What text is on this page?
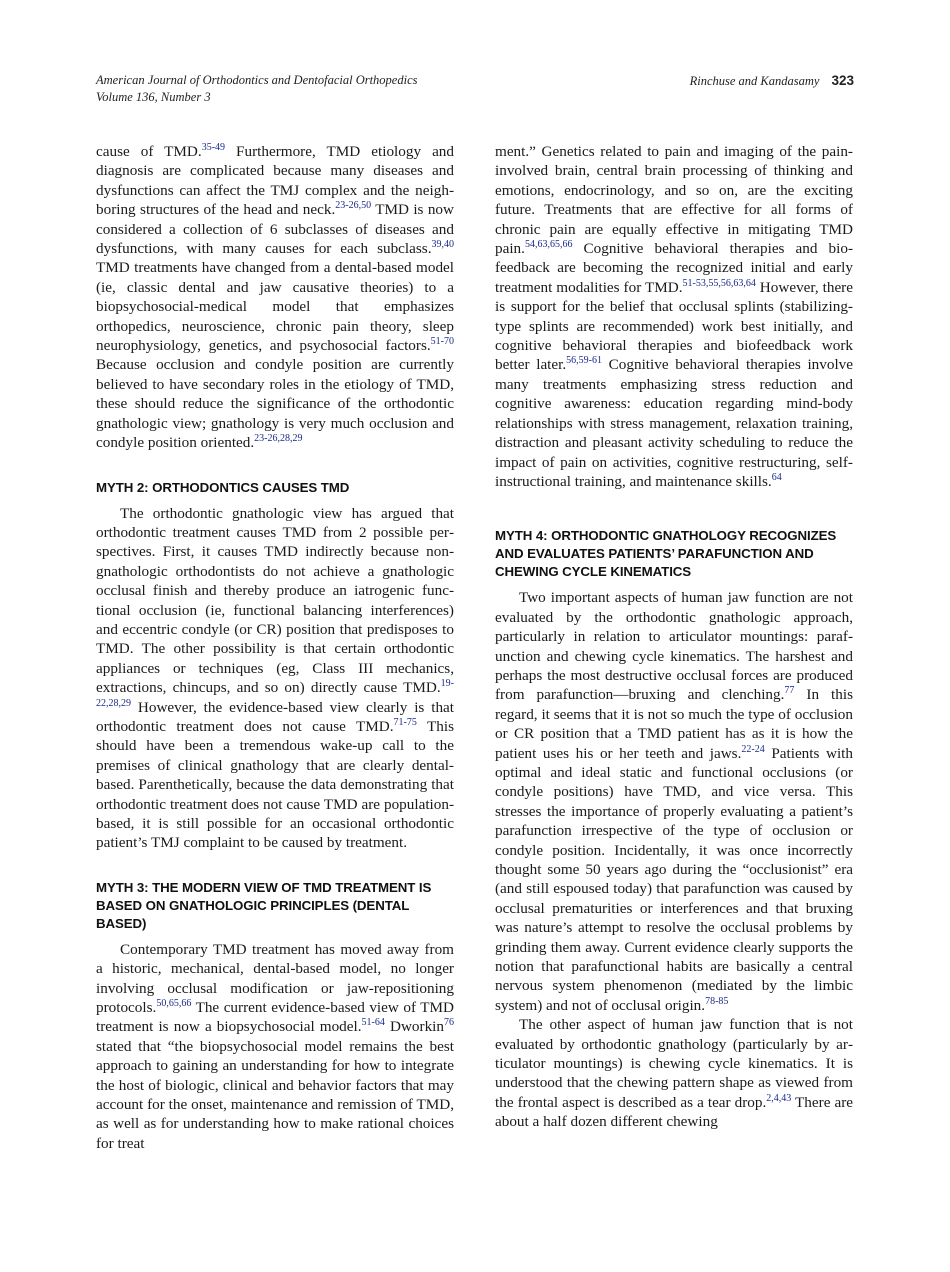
American Journal of Orthodontics and Dentofacial Orthopedics
Volume 136, Number 3
Rinchuse and Kandasamy 323

cause of TMD.$^{35-49}$ Furthermore, TMD etiology and diagnosis are complicated because many diseases and dysfunctions can affect the TMJ complex and the neighboring structures of the head and neck.$^{23-26,50}$ TMD is now considered a collection of 6 subclasses of diseases and dysfunctions, with many causes for each subclass.$^{39,40}$ TMD treatments have changed from a dental-based model (ie, classic dental and jaw causative theories) to a biopsychosocial-medical model that emphasizes orthopedics, neuroscience, chronic pain theory, sleep neurophysiology, genetics, and psychosocial factors.$^{51-70}$ Because occlusion and condyle position are currently believed to have secondary roles in the etiology of TMD, these should reduce the significance of the orthodontic gnathologic view; gnathology is very much occlusion and condyle position oriented.$^{23-26,28,29}$

MYTH 2: ORTHODONTICS CAUSES TMD

The orthodontic gnathologic view has argued that orthodontic treatment causes TMD from 2 possible perspectives. First, it causes TMD indirectly because nongnathologic orthodontists do not achieve a gnathologic occlusal finish and thereby produce an iatrogenic functional occlusion (ie, functional balancing interferences) and eccentric condyle (or CR) position that predisposes to TMD. The other possibility is that certain orthodontic appliances or techniques (eg, Class III mechanics, extractions, chincups, and so on) directly cause TMD.$^{19-22,28,29}$ However, the evidence-based view clearly is that orthodontic treatment does not cause TMD.$^{71-75}$ This should have been a tremendous wake-up call to the premises of clinical gnathology that are clearly dental-based. Parenthetically, because the data demonstrating that orthodontic treatment does not cause TMD are population-based, it is still possible for an occasional orthodontic patient’s TMJ complaint to be caused by treatment.

MYTH 3: THE MODERN VIEW OF TMD TREATMENT IS BASED ON GNATHOLOGIC PRINCIPLES (DENTAL BASED)

Contemporary TMD treatment has moved away from a historic, mechanical, dental-based model, no longer involving occlusal modification or jaw-repositioning protocols.$^{50,65,66}$ The current evidence-based view of TMD treatment is now a biopsychosocial model.$^{51-64}$ Dworkin$^{76}$ stated that “the biopsychosocial model remains the best approach to gaining an understanding for how to integrate the host of biologic, clinical and behavior factors that may account for the onset, maintenance and remission of TMD, as well as for understanding how to make rational choices for treat

ment.” Genetics related to pain and imaging of the pain-involved brain, central brain processing of thinking and emotions, endocrinology, and so on, are the exciting future. Treatments that are effective for all forms of chronic pain are equally effective in mitigating TMD pain.$^{54,63,65,66}$ Cognitive behavioral therapies and biofeedback are becoming the recognized initial and early treatment modalities for TMD.$^{51-53,55,56,63,64}$ However, there is support for the belief that occlusal splints (stabilizing-type splints are recommended) work best initially, and cognitive behavioral therapies and biofeedback work better later.$^{56,59-61}$ Cognitive behavioral therapies involve many treatments emphasizing stress reduction and cognitive awareness: education regarding mind-body relationships with stress management, relaxation training, distraction and pleasant activity scheduling to reduce the impact of pain on activities, cognitive restructuring, self-instructional training, and maintenance skills.$^{64}$

MYTH 4: ORTHODONTIC GNATHOLOGY RECOGNIZES AND EVALUATES PATIENTS’ PARAFUNCTION AND CHEWING CYCLE KINEMATICS

Two important aspects of human jaw function are not evaluated by the orthodontic gnathologic approach, particularly in relation to articulator mountings: parafunction and chewing cycle kinematics. The harshest and perhaps the most destructive occlusal forces are produced from parafunction—bruxing and clenching.$^{77}$ In this regard, it seems that it is not so much the type of occlusion or CR position that a TMD patient has as it is how the patient uses his or her teeth and jaws.$^{22-24}$ Patients with optimal and ideal static and functional occlusions (or condyle positions) have TMD, and vice versa. This stresses the importance of properly evaluating a patient’s parafunction irrespective of the type of occlusion or condyle position. Incidentally, it was once incorrectly thought some 50 years ago during the “occlusionist” era (and still espoused today) that parafunction was caused by occlusal prematurities or interferences and that bruxing was nature’s attempt to resolve the occlusal problems by grinding them away. Current evidence clearly supports the notion that parafunctional habits are basically a central nervous system phenomenon (mediated by the limbic system) and not of occlusal origin.$^{78-85}$

The other aspect of human jaw function that is not evaluated by orthodontic gnathology (particularly by articulator mountings) is chewing cycle kinematics. It is understood that the chewing pattern shape as viewed from the frontal aspect is described as a tear drop.$^{2,4,43}$ There are about a half dozen different chewing
